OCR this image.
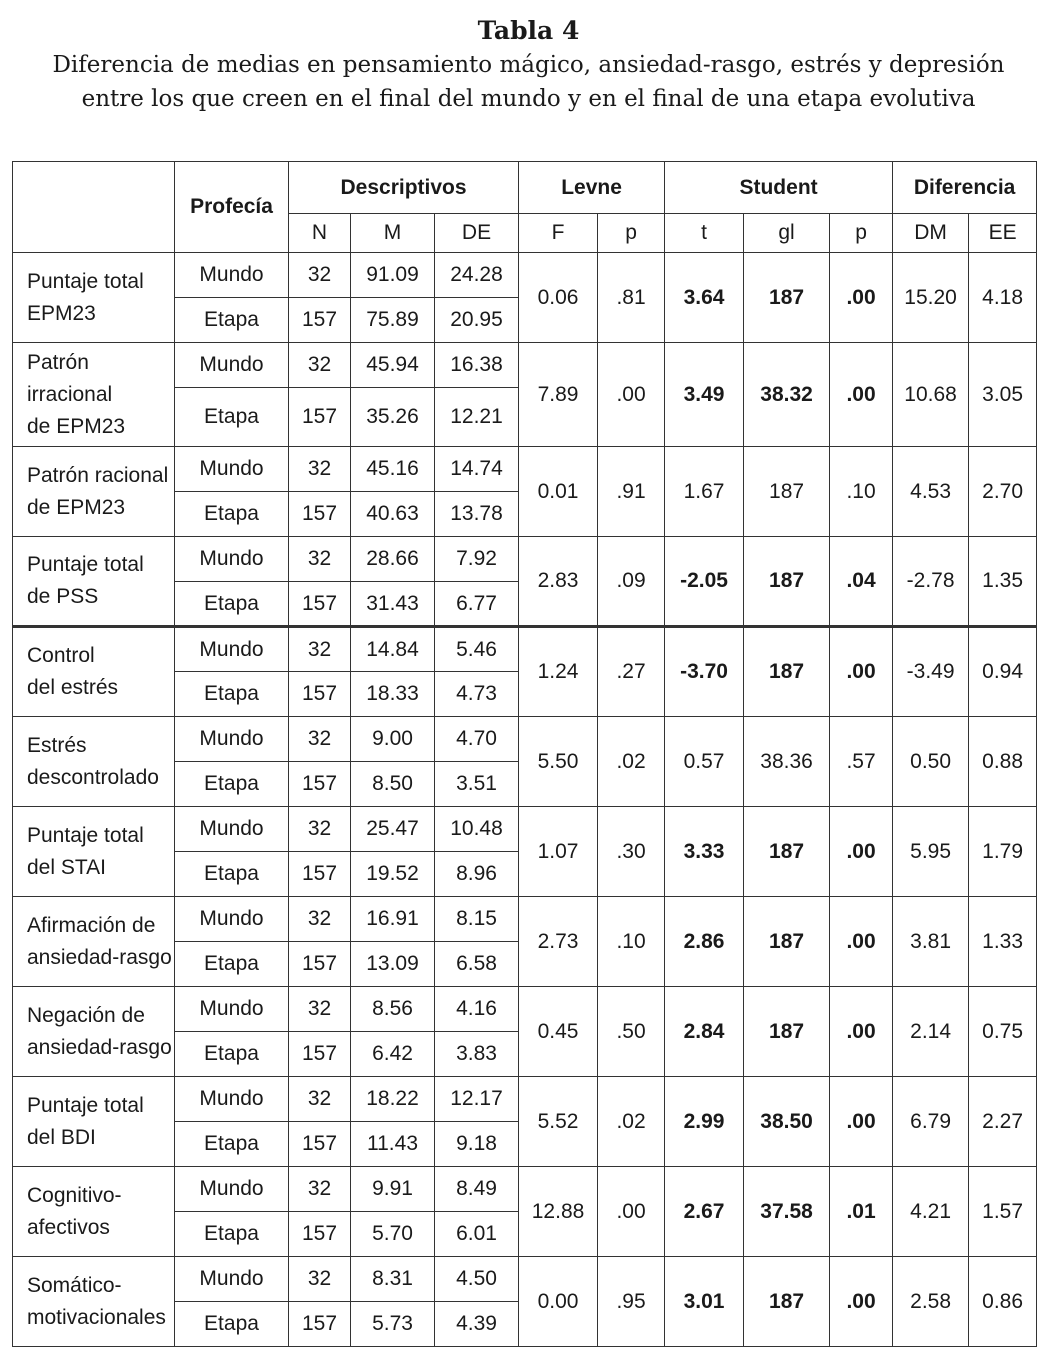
Tabla 4
Diferencia de medias en pensamiento mágico, ansiedad-rasgo, estrés y depresión
entre los que creen en el final del mundo y en el final de una etapa evolutiva
	Profecía	Descriptivos			Levne		Student			Diferencia	
		N	M	DE	F	p	t	gl	p	DM	EE

Puntaje total
EPM23	Mundo	32	91.09	24.28	0.06	.81	3.64	187	.00	15.20	4.18
	Etapa	157	75.89	20.95							

Patrón irracional
de EPM23	Mundo	32	45.94	16.38	7.89	.00	3.49	38.32	.00	10.68	3.05
	Etapa	157	35.26	12.21							

Patrón racional
de EPM23	Mundo	32	45.16	14.74	0.01	.91	1.67	187	.10	4.53	2.70
	Etapa	157	40.63	13.78							

Puntaje total
de PSS	Mundo	32	28.66	7.92	2.83	.09	-2.05	187	.04	-2.78	1.35
	Etapa	157	31.43	6.77							

Control
del estrés	Mundo	32	14.84	5.46	1.24	.27	-3.70	187	.00	-3.49	0.94
	Etapa	157	18.33	4.73							

Estrés
descontrolado	Mundo	32	9.00	4.70	5.50	.02	0.57	38.36	.57	0.50	0.88
	Etapa	157	8.50	3.51							

Puntaje total
del STAI	Mundo	32	25.47	10.48	1.07	.30	3.33	187	.00	5.95	1.79
	Etapa	157	19.52	8.96							

Afirmación de
ansiedad-rasgo	Mundo	32	16.91	8.15	2.73	.10	2.86	187	.00	3.81	1.33
	Etapa	157	13.09	6.58							

Negación de
ansiedad-rasgo	Mundo	32	8.56	4.16	0.45	.50	2.84	187	.00	2.14	0.75
	Etapa	157	6.42	3.83							

Puntaje total
del BDI	Mundo	32	18.22	12.17	5.52	.02	2.99	38.50	.00	6.79	2.27
	Etapa	157	11.43	9.18							

Cognitivo-
afectivos	Mundo	32	9.91	8.49	12.88	.00	2.67	37.58	.01	4.21	1.57
	Etapa	157	5.70	6.01							

Somático-
motivacionales	Mundo	32	8.31	4.50	0.00	.95	3.01	187	.00	2.58	0.86
	Etapa	157	5.73	4.39							
